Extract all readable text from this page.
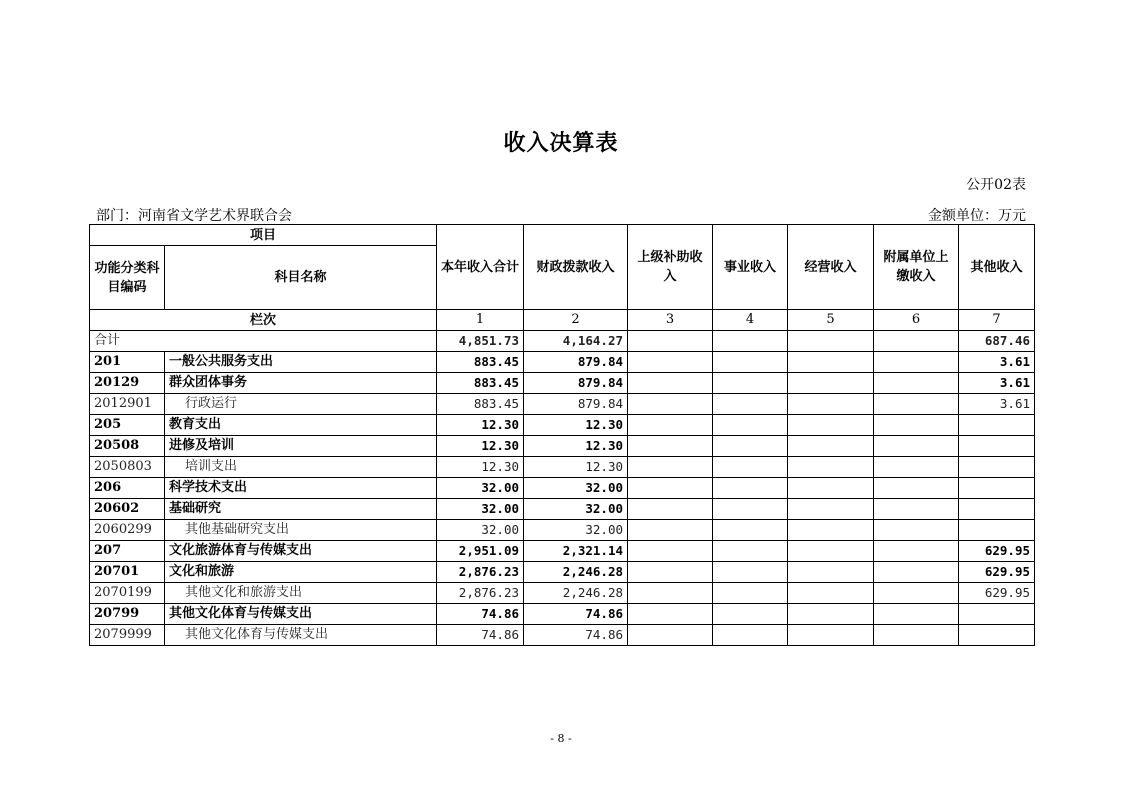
收入决算表
公开02表
部门：河南省文学艺术界联合会	金额单位：万元
项目		本年收入合计	财政拨款收入	上级补助收入	事业收入	经营收入	附属单位上缴收入	其他收入
功能分类科目编码	科目名称							
栏次		1	2	3	4	5	6	7
合计		4,851.73	4,164.27					687.46
201	一般公共服务支出	883.45	879.84					3.61
20129	群众团体事务	883.45	879.84					3.61
2012901	行政运行	883.45	879.84					3.61
205	教育支出	12.30	12.30					
20508	进修及培训	12.30	12.30					
2050803	培训支出	12.30	12.30					
206	科学技术支出	32.00	32.00					
20602	基础研究	32.00	32.00					
2060299	其他基础研究支出	32.00	32.00					
207	文化旅游体育与传媒支出	2,951.09	2,321.14					629.95
20701	文化和旅游	2,876.23	2,246.28					629.95
2070199	其他文化和旅游支出	2,876.23	2,246.28					629.95
20799	其他文化体育与传媒支出	74.86	74.86					
2079999	其他文化体育与传媒支出	74.86	74.86					
- 8 -
